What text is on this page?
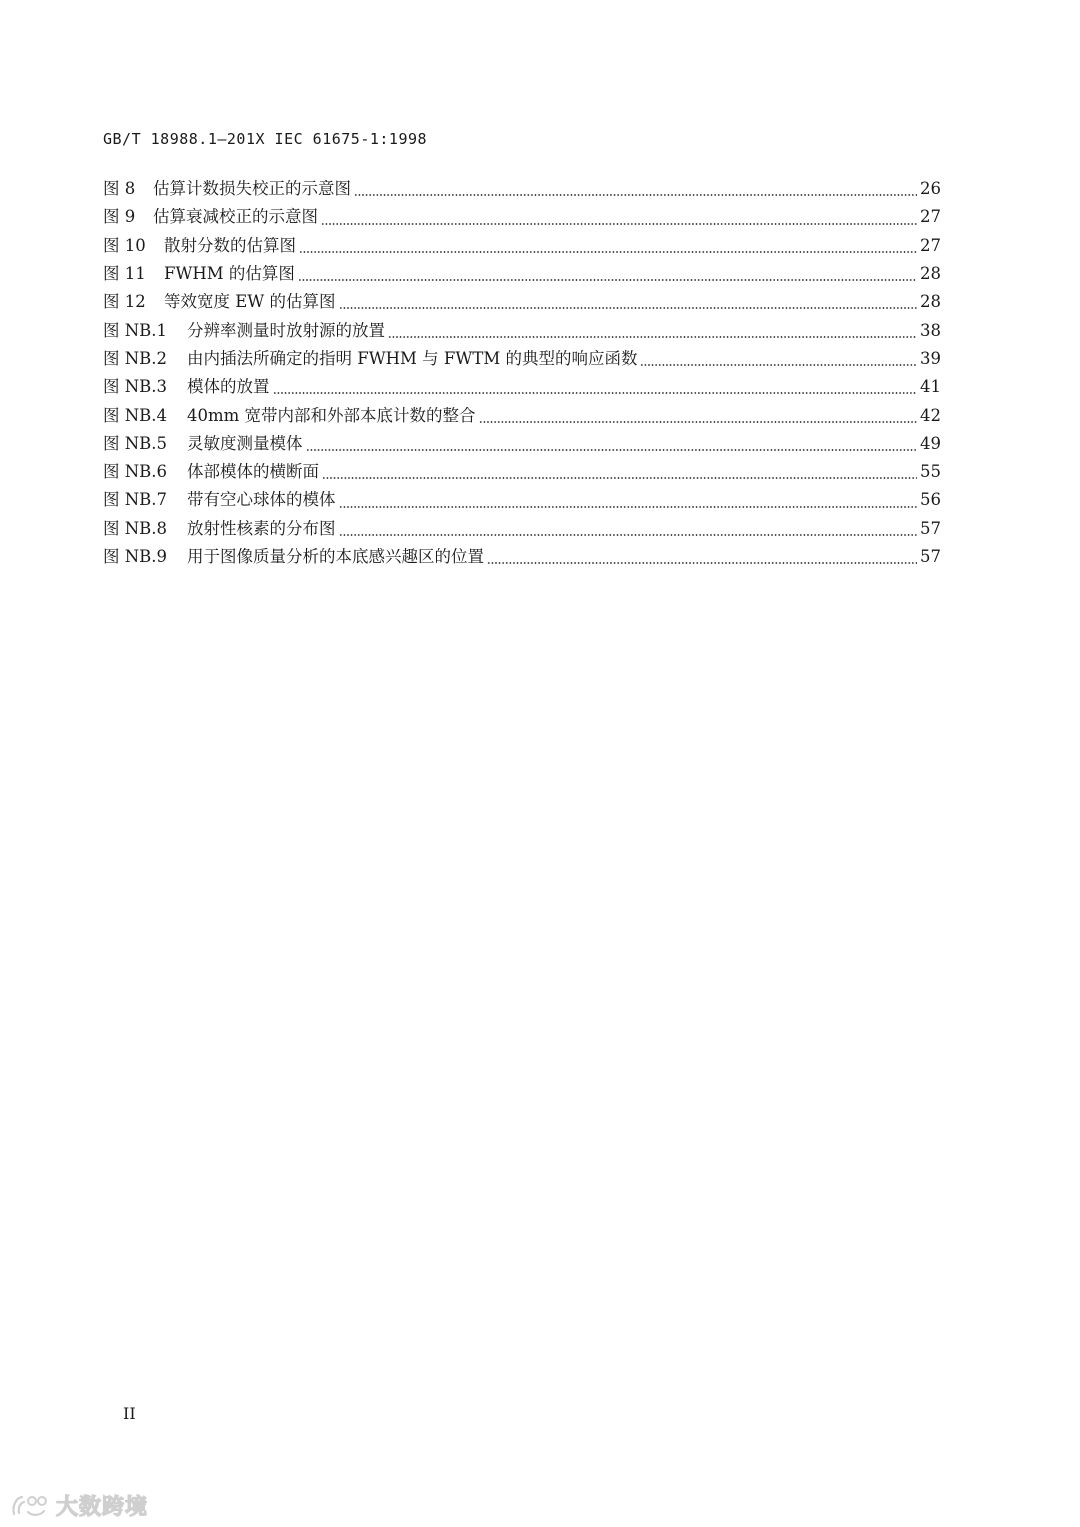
GB/T 18988.1—201X IEC 61675-1:1998
图 8	估算计数损失校正的示意图	26
图 9	估算衰减校正的示意图	27
图 10	散射分数的估算图	27
图 11	FWHM 的估算图	28
图 12	等效宽度 EW 的估算图	28
图 NB.1	分辨率测量时放射源的放置	38
图 NB.2	由内插法所确定的指明 FWHM 与 FWTM 的典型的响应函数	39
图 NB.3	模体的放置	41
图 NB.4	40mm 宽带内部和外部本底计数的整合	42
图 NB.5	灵敏度测量模体	49
图 NB.6	体部模体的横断面	55
图 NB.7	带有空心球体的模体	56
图 NB.8	放射性核素的分布图	57
图 NB.9	用于图像质量分析的本底感兴趣区的位置	57
II
大数跨境
